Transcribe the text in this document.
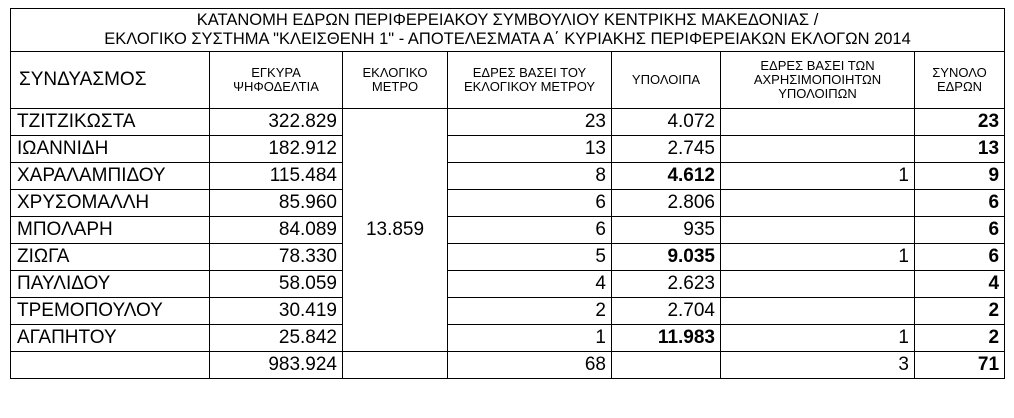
ΚΑΤΑΝΟΜΗ ΕΔΡΩΝ ΠΕΡΙΦΕΡΕΙΑΚΟΥ ΣΥΜΒΟΥΛΙΟΥ ΚΕΝΤΡΙΚΗΣ ΜΑΚΕΔΟΝΙΑΣ /
ΕΚΛΟΓΙΚΟ ΣΥΣΤΗΜΑ "ΚΛΕΙΣΘΕΝΗ 1" - ΑΠΟΤΕΛΕΣΜΑΤΑ Α΄ ΚΥΡΙΑΚΗΣ ΠΕΡΙΦΕΡΕΙΑΚΩΝ ΕΚΛΟΓΩΝ 2014						
ΣΥΝΔΥΑΣΜΟΣ	ΕΓΚΥΡΑ ΨΗΦΟΔΕΛΤΙΑ	ΕΚΛΟΓΙΚΟ ΜΕΤΡΟ	ΕΔΡΕΣ ΒΑΣΕΙ ΤΟΥ ΕΚΛΟΓΙΚΟΥ ΜΕΤΡΟΥ	ΥΠΟΛΟΙΠΑ	ΕΔΡΕΣ ΒΑΣΕΙ ΤΩΝ ΑΧΡΗΣΙΜΟΠΟΙΗΤΩΝ ΥΠΟΛΟΙΠΩΝ	ΣΥΝΟΛΟ ΕΔΡΩΝ
ΤΖΙΤΖΙΚΩΣΤΑ	322.829	13.859	23	4.072		23
ΙΩΑΝΝΙΔΗ	182.912		13	2.745		13
ΧΑΡΑΛΑΜΠΙΔΟΥ	115.484		8	4.612	1	9
ΧΡΥΣΟΜΑΛΛΗ	85.960		6	2.806		6
ΜΠΟΛΑΡΗ	84.089		6	935		6
ΖΙΩΓΑ	78.330		5	9.035	1	6
ΠΑΥΛΙΔΟΥ	58.059		4	2.623		4
ΤΡΕΜΟΠΟΥΛΟΥ	30.419		2	2.704		2
ΑΓΑΠΗΤΟΥ	25.842		1	11.983	1	2
	983.924		68		3	71
